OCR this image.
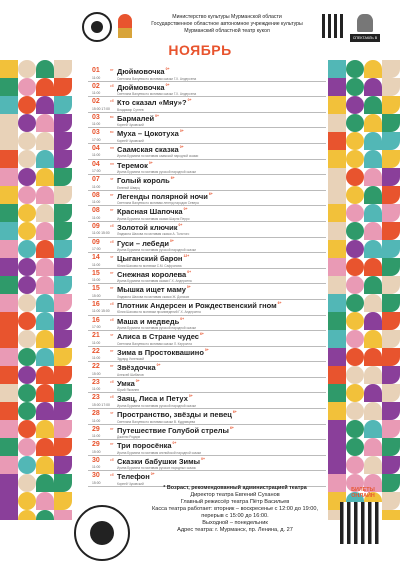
Министерство культуры Мурманской области
Государственное областное автономное учреждение культуры
Мурманский областной театр кукол
СПЕКТАКЛЬ В КУЛЬТУРЕ
НОЯБРЬ
01	пт
11:00
Дюймовочка$^{0+}$
Светлана Валуева по мотивам сказки Г.Х. Андерсена
02	сб
11:00
Дюймовочка$^{0+}$
Светлана Валуева по мотивам сказки Г.Х. Андерсена
02	сб
15:00 17:00
Кто сказал «Мяу»?$^{0+}$
Владимир Сутеев
03	вс
11:00
Бармалей$^{0+}$
Корней Чуковский
03	вс
17:00
Муха – Цокотуха$^{0+}$
Корней Чуковский
04	пн
11:00
Саамская сказка$^{0+}$
Ирина Бурмина по мотивам саамской народной сказки
04	пн
17:00
Теремок$^{0+}$
Ирина Бурмина по мотивам русской народной сказки
07	чт
11:00
Голый король$^{6+}$
Евгений Шварц
08	пт
11:00
Легенды полярной ночи$^{6+}$
Светлана Валуева по мотивам легенд народов Севера
08	пт
11:00
Красная Шапочка$^{0+}$
Ирина Бурмина по мотивам сказки Шарля Перро
09	сб
11:00 15:00
Золотой ключик$^{0+}$
Людмила Шахова по мотивам сказки А. Толстого
09	сб
17:00
Гуси – лебеди$^{0+}$
Ирина Бурмина по мотивам русской народной сказки
14	чт
11:00
Цыганский барон$^{12+}$
Юлия Шахова по мотивам С.М. Сафронова
15	пт
11:00
Снежная королева$^{0+}$
Ирина Бурмина по мотивам сказки Г.Х. Андерсена
15	пт
15:00
Мышка ищет маму$^{0+}$
Людмила Шахова по мотивам сказки Ж. Донских
16	сб
11:00 15:00
Плотник Андерсен и Рождественский гном$^{6+}$
Юлия Шахова по мотивам произведений Г.Х. Андерсена
16	сб
17:00
Маша и медведь$^{0+}$
Ирина Бурмина по мотивам русской народной сказки
21	чт
11:00
Алиса в Стране чудес$^{6+}$
Светлана Валуева по мотивам сказки Л. Кэрролла
22	пт
11:00
Зима в Простоквашино$^{0+}$
Эдуард Успенский
22	пт
15:00
Звёздочка$^{0+}$
Алексей Шибанов
23	сб
11:00
Умка$^{0+}$
Юрий Яковлев
23	сб
15:00 17:00
Заяц, Лиса и Петух$^{0+}$
Ирина Бурмина по мотивам русской народной сказки
28	чт
11:00
Пространство, звёзды и певец$^{6+}$
Светлана Валуева по мотивам сказки В. Кудрявцева
29	пт
11:00
Путешествие Голубой стрелы$^{6+}$
Джанни Родари
29	пт
15:00
Три поросёнка$^{0+}$
Ирина Бурмина по мотивам английской народной сказки
30	сб
11:00
Сказки бабушки Зимы$^{0+}$
Ирина Бурмина по мотивам русских народных сказок
30	сб
15:00
Телефон$^{0+}$
Корней Чуковский
* Возраст, рекомендованный администрацией театра
Директор театра Евгений Суханов
Главный режиссёр театра Пётр Васильев
Касса театра работает: вторник – воскресенье с 12:00 до 19:00,
перерыв с 15:00 до 16:00.
Выходной – понедельник
Адрес театра: г. Мурманск, пр. Ленина, д. 27
БИЛЕТЫ
ОНЛАЙН
